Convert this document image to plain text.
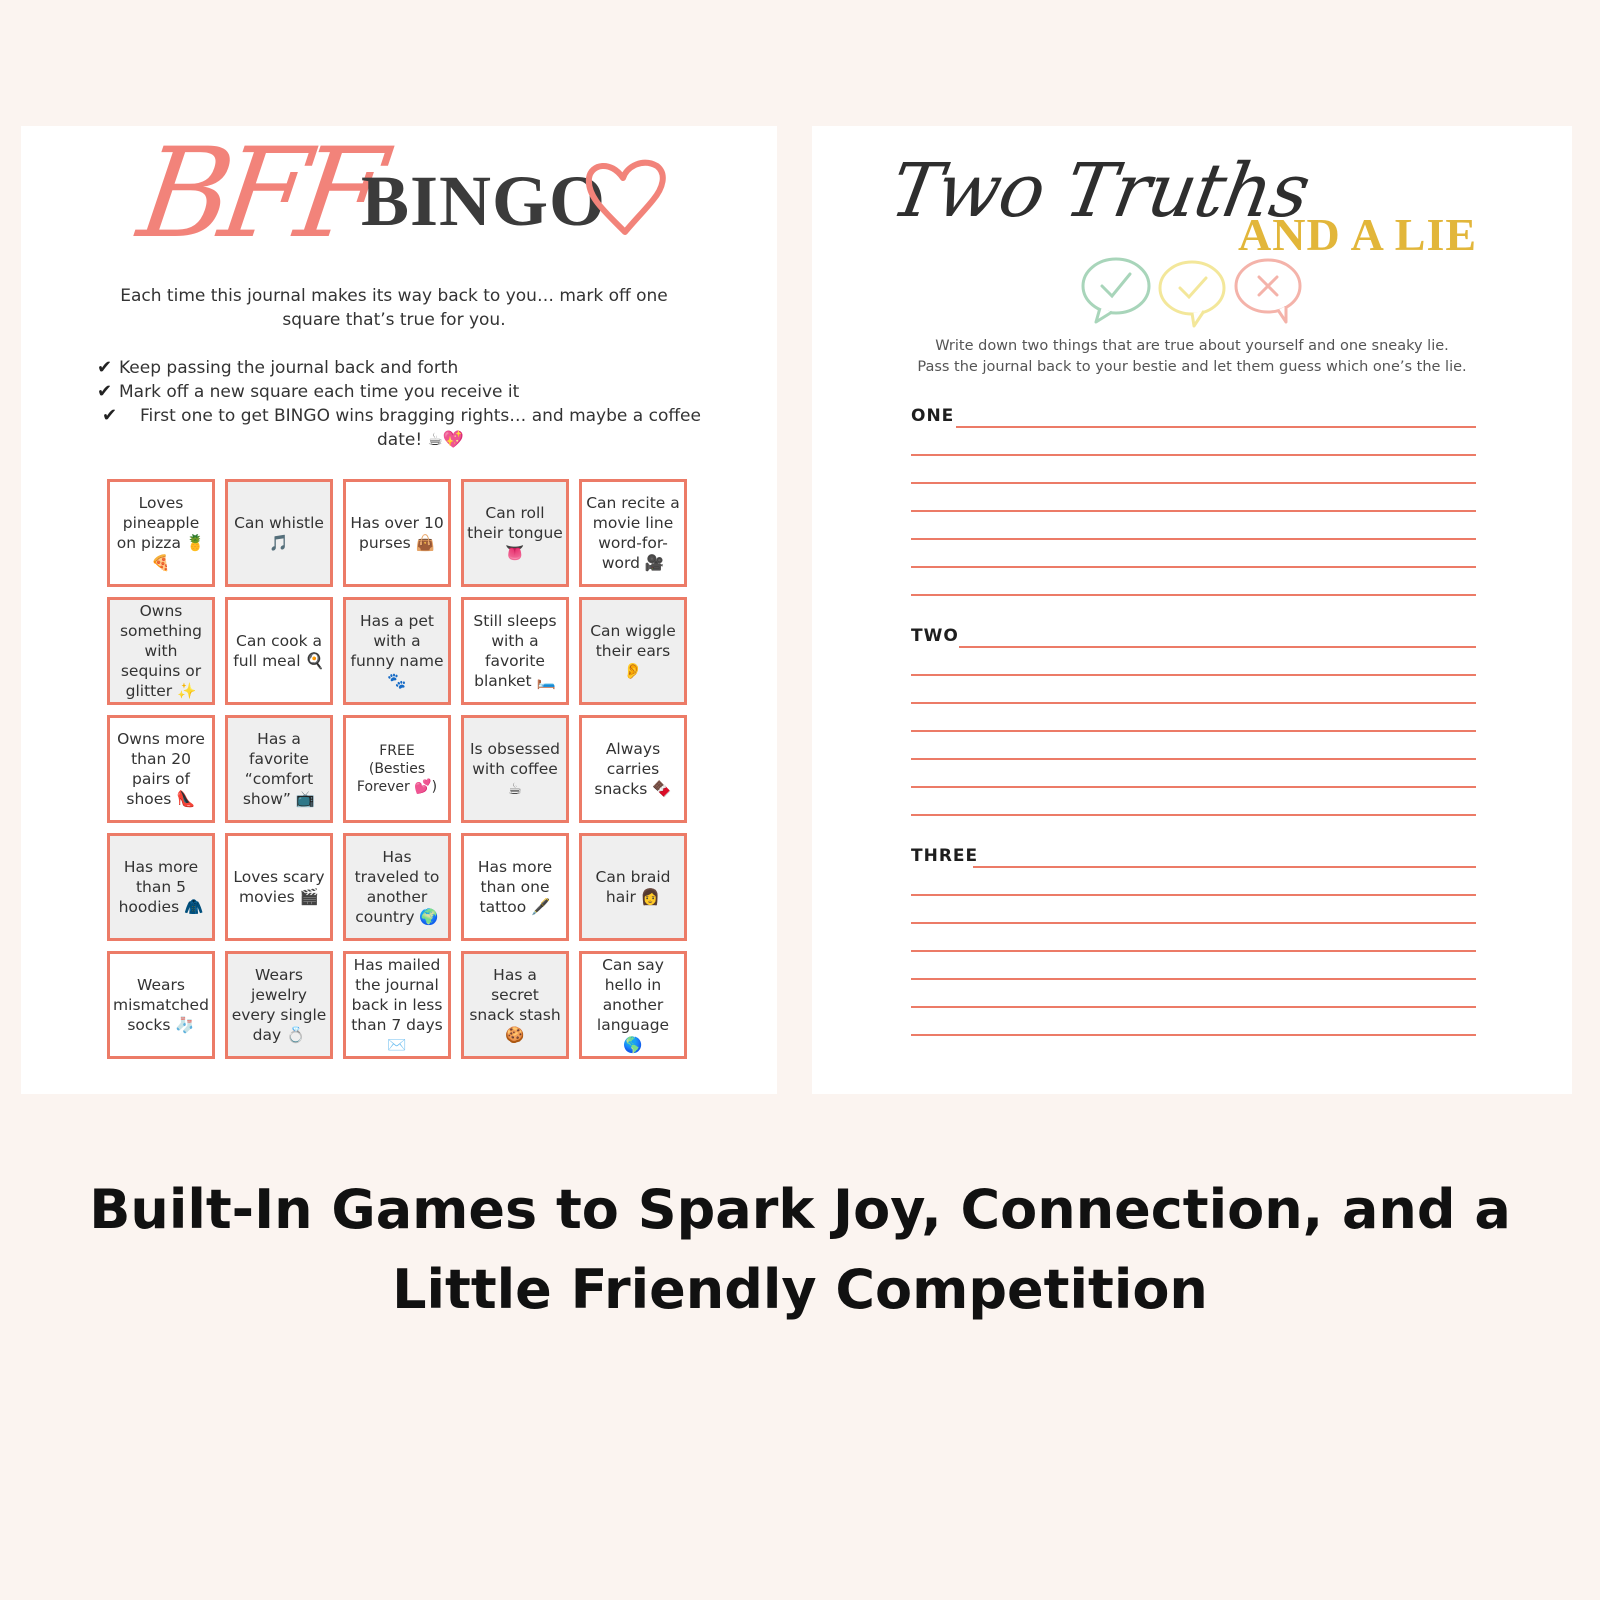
BFF
BINGO

Each time this journal makes its way back to you… mark off one square that’s true for you.

✔ Keep passing the journal back and forth
✔ Mark off a new square each time you receive it
✔	First one to get BINGO wins bragging rights… and maybe a coffee date! ☕💖
Loves pineapple on pizza 🍍🍕
Can whistle 🎵
Has over 10 purses 👜
Can roll their tongue 👅
Can recite a movie line word-for-word 🎥
Owns something with sequins or glitter ✨
Can cook a full meal 🍳
Has a pet with a funny name 🐾
Still sleeps with a favorite blanket 🛏️
Can wiggle their ears 👂
Owns more than 20 pairs of shoes 👠
Has a favorite “comfort show” 📺
FREE (Besties Forever 💕)
Is obsessed with coffee ☕
Always carries snacks 🍫
Has more than 5 hoodies 🧥
Loves scary movies 🎬
Has traveled to another country 🌍
Has more than one tattoo 🖋️
Can braid hair 👩
Wears mismatched socks 🧦
Wears jewelry every single day 💍
Has mailed the journal back in less than 7 days ✉️
Has a secret snack stash 🍪
Can say hello in another language 🌎
Two Truths
AND A LIE
Write down two things that are true about yourself and one sneaky lie.
Pass the journal back to your bestie and let them guess which one’s the lie.
ONE
TWO
THREE
Built-In Games to Spark Joy, Connection, and a
Little Friendly Competition
